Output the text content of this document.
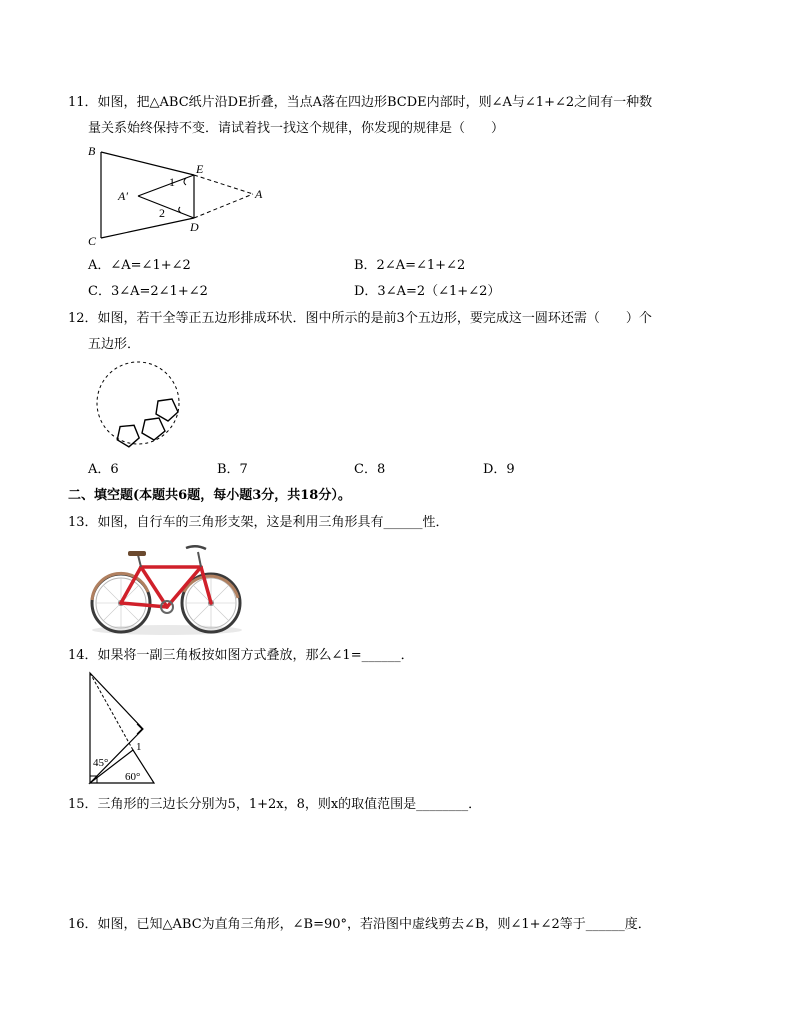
11．如图，把△ABC纸片沿DE折叠，当点A落在四边形BCDE内部时，则∠A与∠1+∠2之间有一种数
量关系始终保持不变．请试着找一找这个规律，你发现的规律是（　　）
B
C
E
D
A
A′
1
2
A．∠A=∠1+∠2	B．2∠A=∠1+∠2
C．3∠A=2∠1+∠2	D．3∠A=2（∠1+∠2）
12．如图，若干全等正五边形排成环状．图中所示的是前3个五边形，要完成这一圆环还需（　　）个
五边形．
A．6	B．7	C．8	D．9
二、填空题(本题共6题，每小题3分，共18分）。
13．如图，自行车的三角形支架，这是利用三角形具有______性．
14．如果将一副三角板按如图方式叠放，那么∠1=______．
45°
60°
1
15．三角形的三边长分别为5，1+2x，8，则x的取值范围是________．
16．如图，已知△ABC为直角三角形，∠B=90°，若沿图中虚线剪去∠B，则∠1+∠2等于______度．
